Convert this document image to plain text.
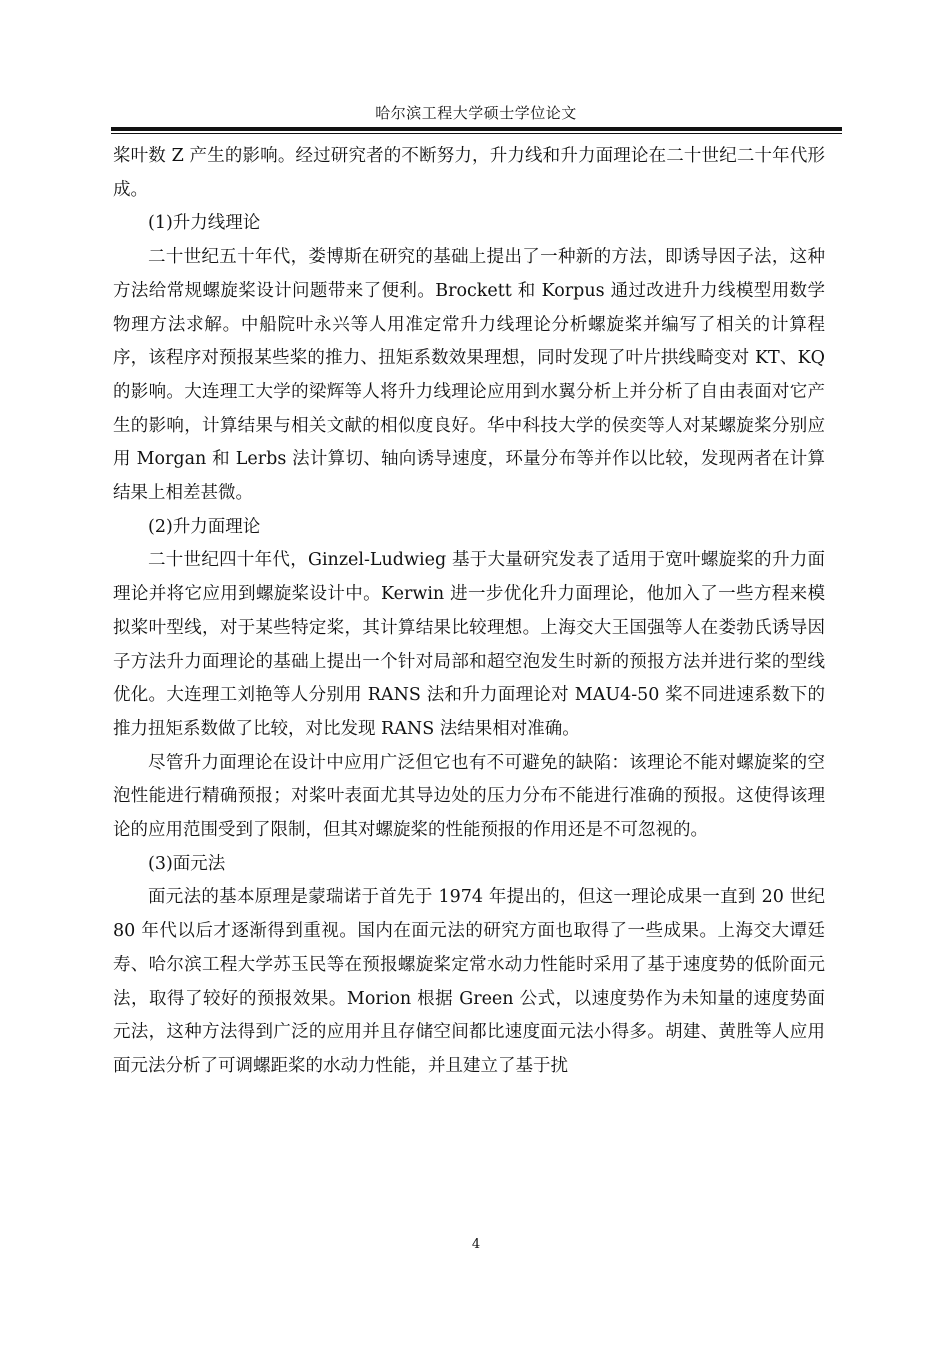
哈尔滨工程大学硕士学位论文

桨叶数 Z 产生的影响。经过研究者的不断努力，升力线和升力面理论在二十世纪二十年代形成。

(1)升力线理论

二十世纪五十年代，娄博斯在研究的基础上提出了一种新的方法，即诱导因子法，这种方法给常规螺旋桨设计问题带来了便利。Brockett 和 Korpus 通过改进升力线模型用数学物理方法求解。中船院叶永兴等人用准定常升力线理论分析螺旋桨并编写了相关的计算程序，该程序对预报某些桨的推力、扭矩系数效果理想，同时发现了叶片拱线畸变对 KT、KQ 的影响。大连理工大学的梁辉等人将升力线理论应用到水翼分析上并分析了自由表面对它产生的影响，计算结果与相关文献的相似度良好。华中科技大学的侯奕等人对某螺旋桨分别应用 Morgan 和 Lerbs 法计算切、轴向诱导速度，环量分布等并作以比较，发现两者在计算结果上相差甚微。

(2)升力面理论

二十世纪四十年代，Ginzel-Ludwieg 基于大量研究发表了适用于宽叶螺旋桨的升力面理论并将它应用到螺旋桨设计中。Kerwin 进一步优化升力面理论，他加入了一些方程来模拟桨叶型线，对于某些特定桨，其计算结果比较理想。上海交大王国强等人在娄勃氏诱导因子方法升力面理论的基础上提出一个针对局部和超空泡发生时新的预报方法并进行桨的型线优化。大连理工刘艳等人分别用 RANS 法和升力面理论对 MAU4-50 桨不同进速系数下的推力扭矩系数做了比较，对比发现 RANS 法结果相对准确。

尽管升力面理论在设计中应用广泛但它也有不可避免的缺陷：该理论不能对螺旋桨的空泡性能进行精确预报；对桨叶表面尤其导边处的压力分布不能进行准确的预报。这使得该理论的应用范围受到了限制，但其对螺旋桨的性能预报的作用还是不可忽视的。

(3)面元法

面元法的基本原理是蒙瑞诺于首先于 1974 年提出的，但这一理论成果一直到 20 世纪 80 年代以后才逐渐得到重视。国内在面元法的研究方面也取得了一些成果。上海交大谭廷寿、哈尔滨工程大学苏玉民等在预报螺旋桨定常水动力性能时采用了基于速度势的低阶面元法，取得了较好的预报效果。Morion 根据 Green 公式，以速度势作为未知量的速度势面元法，这种方法得到广泛的应用并且存储空间都比速度面元法小得多。胡建、黄胜等人应用面元法分析了可调螺距桨的水动力性能，并且建立了基于扰

4
